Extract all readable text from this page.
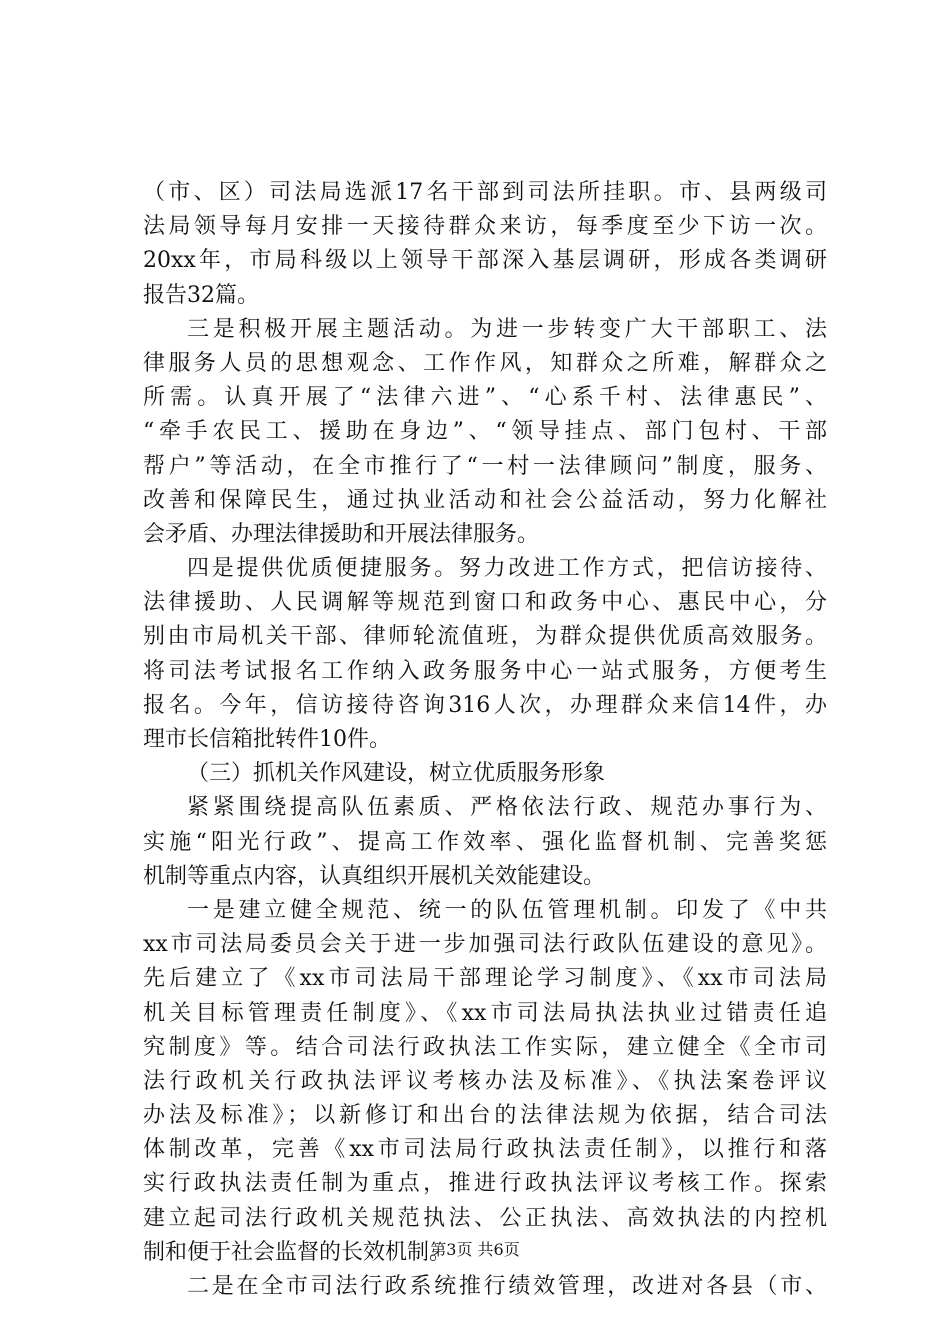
（市、区）司法局选派17名干部到司法所挂职。市、县两级司
法局领导每月安排一天接待群众来访，每季度至少下访一次。
20xx年，市局科级以上领导干部深入基层调研，形成各类调研
报告32篇。
三是积极开展主题活动。为进一步转变广大干部职工、法
律服务人员的思想观念、工作作风，知群众之所难，解群众之
所需。认真开展了“法律六进”、“心系千村、法律惠民”、
“牵手农民工、援助在身边”、“领导挂点、部门包村、干部
帮户”等活动，在全市推行了“一村一法律顾问”制度，服务、
改善和保障民生，通过执业活动和社会公益活动，努力化解社
会矛盾、办理法律援助和开展法律服务。
四是提供优质便捷服务。努力改进工作方式，把信访接待、
法律援助、人民调解等规范到窗口和政务中心、惠民中心，分
别由市局机关干部、律师轮流值班，为群众提供优质高效服务。
将司法考试报名工作纳入政务服务中心一站式服务，方便考生
报名。今年，信访接待咨询316人次，办理群众来信14件，办
理市长信箱批转件10件。
（三）抓机关作风建设，树立优质服务形象
紧紧围绕提高队伍素质、严格依法行政、规范办事行为、
实施“阳光行政”、提高工作效率、强化监督机制、完善奖惩
机制等重点内容，认真组织开展机关效能建设。
一是建立健全规范、统一的队伍管理机制。印发了《中共
xx市司法局委员会关于进一步加强司法行政队伍建设的意见》。
先后建立了《xx市司法局干部理论学习制度》、《xx市司法局
机关目标管理责任制度》、《xx市司法局执法执业过错责任追
究制度》等。结合司法行政执法工作实际，建立健全《全市司
法行政机关行政执法评议考核办法及标准》、《执法案卷评议
办法及标准》；以新修订和出台的法律法规为依据，结合司法
体制改革，完善《xx市司法局行政执法责任制》，以推行和落
实行政执法责任制为重点，推进行政执法评议考核工作。探索
建立起司法行政机关规范执法、公正执法、高效执法的内控机
制和便于社会监督的长效机制。
二是在全市司法行政系统推行绩效管理，改进对各县（市、
第3页 共6页
